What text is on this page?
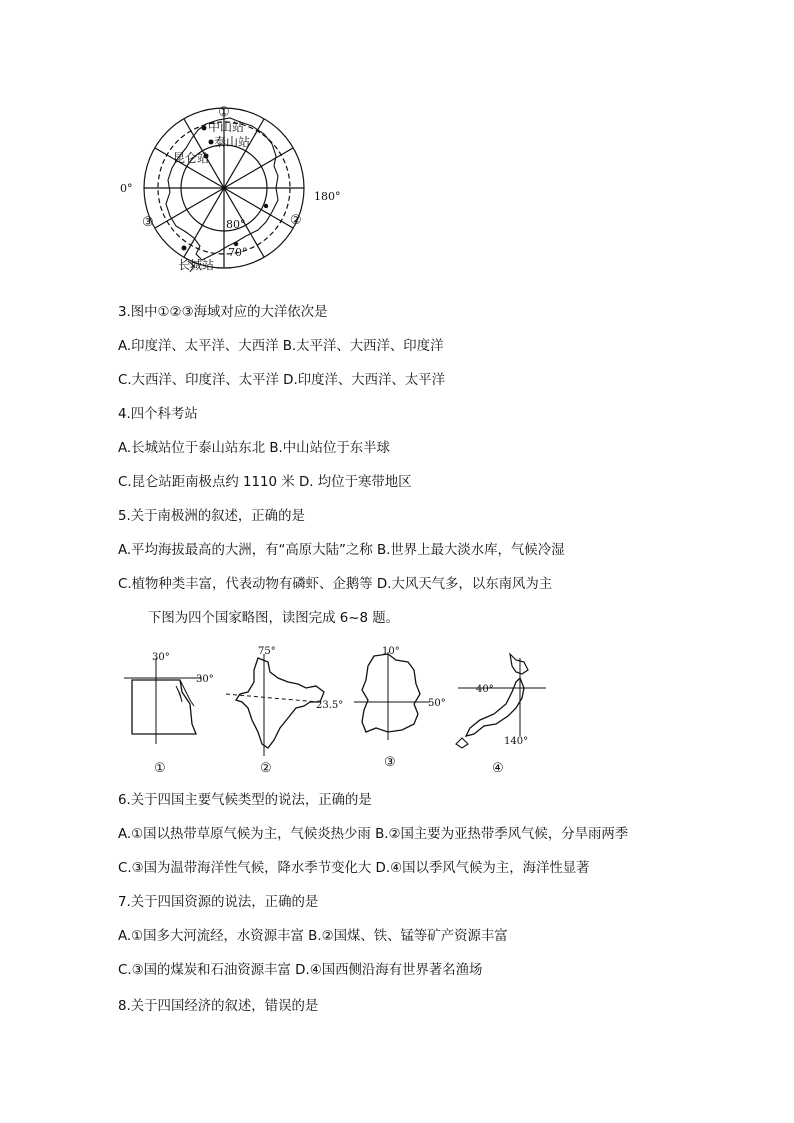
①
②
③
0°
180°
80°
70°
中山站
泰山站
昆仑站
长城站
3.图中①②③海域对应的大洋依次是
A.印度洋、太平洋、大西洋 B.太平洋、大西洋、印度洋
C.大西洋、印度洋、太平洋 D.印度洋、大西洋、太平洋
4.四个科考站
A.长城站位于泰山站东北 B.中山站位于东半球
C.昆仑站距南极点约 1110 米 D. 均位于寒带地区
5.关于南极洲的叙述，正确的是
A.平均海拔最高的大洲，有“高原大陆”之称 B.世界上最大淡水库，气候冷湿
C.植物种类丰富，代表动物有磷虾、企鹅等 D.大风天气多，以东南风为主
下图为四个国家略图，读图完成 6~8 题。
30°
30°
①
75°
23.5°
②
10°
50°
③
40°
140°
④
6.关于四国主要气候类型的说法，正确的是
A.①国以热带草原气候为主，气候炎热少雨 B.②国主要为亚热带季风气候，分旱雨两季
C.③国为温带海洋性气候，降水季节变化大 D.④国以季风气候为主，海洋性显著
7.关于四国资源的说法，正确的是
A.①国多大河流经，水资源丰富 B.②国煤、铁、锰等矿产资源丰富
C.③国的煤炭和石油资源丰富 D.④国西侧沿海有世界著名渔场
8.关于四国经济的叙述，错误的是
